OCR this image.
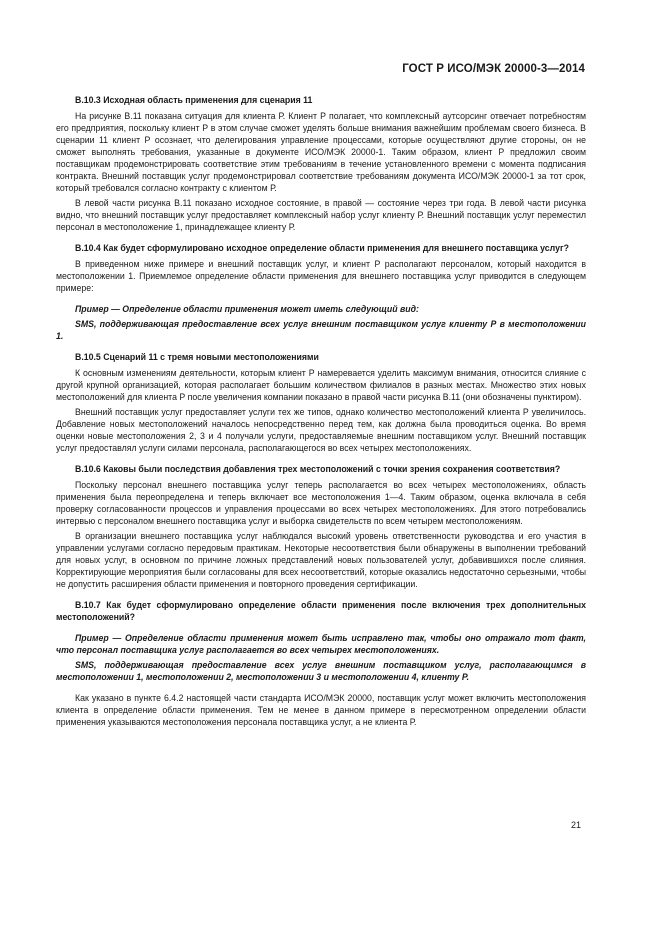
ГОСТ Р ИСО/МЭК 20000-3—2014

B.10.3 Исходная область применения для сценария 11

На рисунке В.11 показана ситуация для клиента Р. Клиент Р полагает, что комплексный аутсорсинг отвечает потребностям его предприятия, поскольку клиент Р в этом случае сможет уделять больше внимания важнейшим проблемам своего бизнеса. В сценарии 11 клиент Р осознает, что делегирования управление процессами, которые осуществляют другие стороны, он не сможет выполнять требования, указанные в документе ИСО/МЭК 20000-1. Таким образом, клиент Р предложил своим поставщикам продемонстрировать соответствие этим требованиям в течение установленного времени с момента подписания контракта. Внешний поставщик услуг продемонстрировал соответствие требованиям документа ИСО/МЭК 20000-1 за тот срок, который требовался согласно контракту с клиентом Р.

В левой части рисунка В.11 показано исходное состояние, в правой — состояние через три года. В левой части рисунка видно, что внешний поставщик услуг предоставляет комплексный набор услуг клиенту Р. Внешний поставщик услуг переместил персонал в местоположение 1, принадлежащее клиенту Р.

B.10.4 Как будет сформулировано исходное определение области применения для внешнего поставщика услуг?

В приведенном ниже примере и внешний поставщик услуг, и клиент Р располагают персоналом, который находится в местоположении 1. Приемлемое определение области применения для внешнего поставщика услуг приводится в следующем примере:

Пример — Определение области применения может иметь следующий вид:

SMS, поддерживающая предоставление всех услуг внешним поставщиком услуг клиенту Р в местоположении 1.

B.10.5 Сценарий 11 с тремя новыми местоположениями

К основным изменениям деятельности, которым клиент Р намеревается уделить максимум внимания, относится слияние с другой крупной организацией, которая располагает большим количеством филиалов в разных местах. Множество этих новых местоположений для клиента Р после увеличения компании показано в правой части рисунка В.11 (они обозначены пунктиром).

Внешний поставщик услуг предоставляет услуги тех же типов, однако количество местоположений клиента Р увеличилось. Добавление новых местоположений началось непосредственно перед тем, как должна была проводиться оценка. Во время оценки новые местоположения 2, 3 и 4 получали услуги, предоставляемые внешним поставщиком услуг. Внешний поставщик услуг предоставлял услуги силами персонала, располагающегося во всех четырех местоположениях.

B.10.6 Каковы были последствия добавления трех местоположений с точки зрения сохранения соответствия?

Поскольку персонал внешнего поставщика услуг теперь располагается во всех четырех местоположениях, область применения была переопределена и теперь включает все местоположения 1—4. Таким образом, оценка включала в себя проверку согласованности процессов и управления процессами во всех четырех местоположениях. Для этого потребовались интервью с персоналом внешнего поставщика услуг и выборка свидетельств по всем четырем местоположениям.

В организации внешнего поставщика услуг наблюдался высокий уровень ответственности руководства и его участия в управлении услугами согласно передовым практикам. Некоторые несоответствия были обнаружены в выполнении требований для новых услуг, в основном по причине ложных представлений новых пользователей услуг, добавившихся после слияния. Корректирующие мероприятия были согласованы для всех несоответствий, которые оказались недостаточно серьезными, чтобы не допустить расширения области применения и повторного проведения сертификации.

B.10.7 Как будет сформулировано определение области применения после включения трех дополнительных местоположений?

Пример — Определение области применения может быть исправлено так, чтобы оно отражало тот факт, что персонал поставщика услуг располагается во всех четырех местоположениях.

SMS, поддерживающая предоставление всех услуг внешним поставщиком услуг, располагающимся в местоположении 1, местоположении 2, местоположении 3 и местоположении 4, клиенту Р.

Как указано в пункте 6.4.2 настоящей части стандарта ИСО/МЭК 20000, поставщик услуг может включить местоположения клиента в определение области применения. Тем не менее в данном примере в пересмотренном определении области применения указываются местоположения персонала поставщика услуг, а не клиента Р.

21
